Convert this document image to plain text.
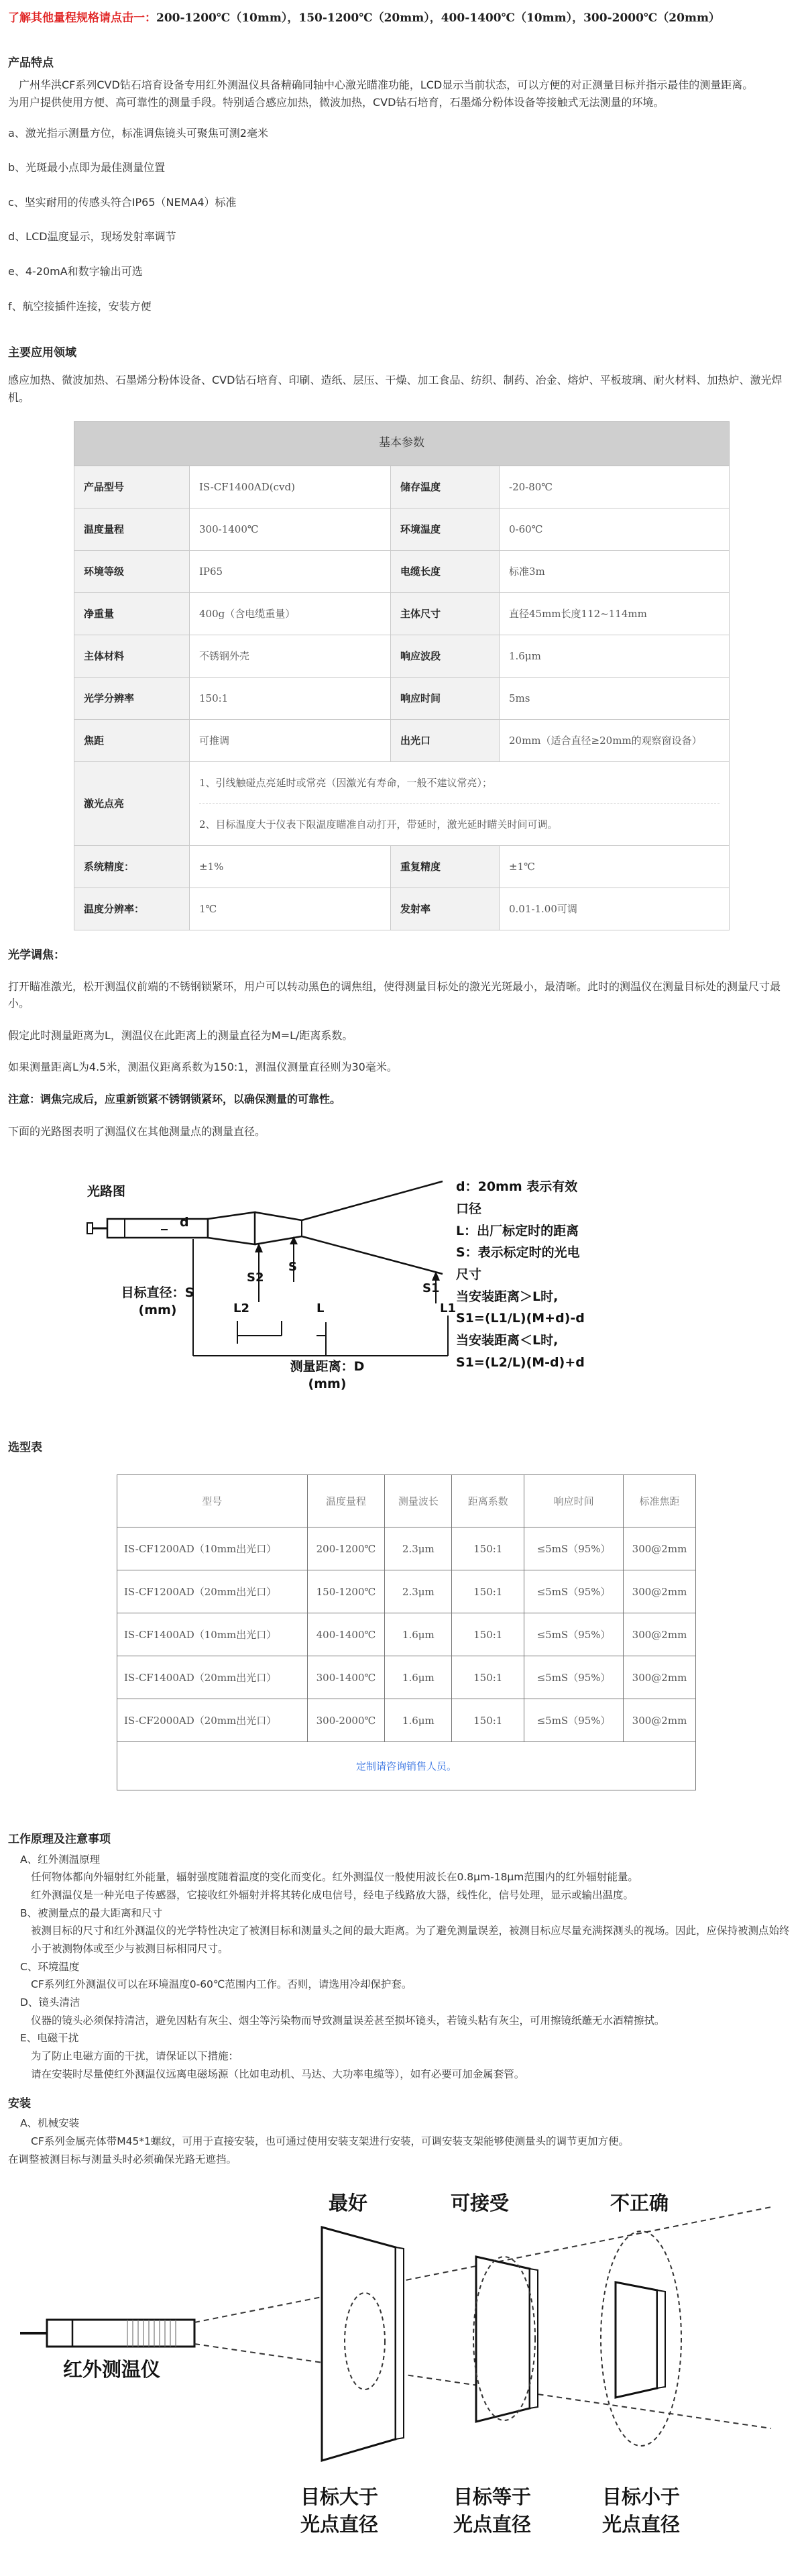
了解其他量程规格请点击一：200-1200℃（10mm），150-1200℃（20mm），400-1400℃（10mm），300-2000℃（20mm）
产品特点

广州华洪CF系列CVD钻石培育设备专用红外测温仪具备精确同轴中心激光瞄准功能，LCD显示当前状态，可以方便的对正测量目标并指示最佳的测量距离。

为用户提供使用方便、高可靠性的测量手段。特别适合感应加热，微波加热，CVD钻石培育，石墨烯分粉体设备等接触式无法测量的环境。

a、激光指示测量方位，标准调焦镜头可聚焦可测2毫米

b、光斑最小点即为最佳测量位置

c、坚实耐用的传感头符合IP65（NEMA4）标准

d、LCD温度显示，现场发射率调节

e、4-20mA和数字输出可选

f、航空接插件连接，安装方便

主要应用领域

感应加热、微波加热、石墨烯分粉体设备、CVD钻石培育、印刷、造纸、层压、干燥、加工食品、纺织、制药、冶金、熔炉、平板玻璃、耐火材料、加热炉、激光焊机。

基本参数			
产品型号	IS-CF1400AD(cvd)	储存温度	-20-80℃
温度量程	300-1400℃	环境温度	0-60℃
环境等级	IP65	电缆长度	标准3m
净重量	400g（含电缆重量）	主体尺寸	直径45mm长度112~114mm
主体材料	不锈钢外壳	响应波段	1.6μm
光学分辨率	150:1	响应时间	5ms
焦距	可推调	出光口	20mm（适合直径≥20mm的观察窗设备）
激光点亮	1、引线触碰点亮延时或常亮（因激光有寿命，一般不建议常亮）；
2、目标温度大于仪表下限温度瞄准自动打开，带延时，激光延时瞄关时间可调。		

系统精度：	±1%	重复精度	±1℃
温度分辨率：	1℃	发射率	0.01-1.00可调
光学调焦：

打开瞄准激光，松开测温仪前端的不锈钢锁紧环，用户可以转动黑色的调焦组，使得测量目标处的激光光斑最小，最清晰。此时的测温仪在测量目标处的测量尺寸最小。

假定此时测量距离为L，测温仪在此距离上的测量直径为M=L/距离系数。

如果测量距离L为4.5米，测温仪距离系数为150:1，测温仪测量直径则为30毫米。

注意：调焦完成后，应重新锁紧不锈钢锁紧环，以确保测量的可靠性。

下面的光路图表明了测温仪在其他测量点的测量直径。

光路图
d
S
S2
S1
L2	L	L1
目标直径：S
(mm)
测量距离：D
(mm)
d：20mm 表示有效口径
L：出厂标定时的距离
S：表示标定时的光电尺寸
当安装距离＞L时,
S1=(L1/L)(M+d)-d
当安装距离＜L时,
S1=(L2/L)(M-d)+d
选型表
型号	温度量程	测量波长	距离系数	响应时间	标准焦距
IS-CF1200AD（10mm出光口）	200-1200℃	2.3μm	150:1	≤5mS（95%）	300@2mm
IS-CF1200AD（20mm出光口）	150-1200℃	2.3μm	150:1	≤5mS（95%）	300@2mm
IS-CF1400AD（10mm出光口）	400-1400℃	1.6μm	150:1	≤5mS（95%）	300@2mm
IS-CF1400AD（20mm出光口）	300-1400℃	1.6μm	150:1	≤5mS（95%）	300@2mm
IS-CF2000AD（20mm出光口）	300-2000℃	1.6μm	150:1	≤5mS（95%）	300@2mm
定制请咨询销售人员。					
工作原理及注意事项

A、红外测温原理

任何物体都向外辐射红外能量，辐射强度随着温度的变化而变化。红外测温仪一般使用波长在0.8μm-18μm范围内的红外辐射能量。

红外测温仪是一种光电子传感器，它接收红外辐射并将其转化成电信号，经电子线路放大器，线性化，信号处理，显示或输出温度。

B、被测量点的最大距离和尺寸

被测目标的尺寸和红外测温仪的光学特性决定了被测目标和测量头之间的最大距离。为了避免测量误差，被测目标应尽量充满探测头的视场。因此，应保持被测点始终小于被测物体或至少与被测目标相同尺寸。

C、环境温度

CF系列红外测温仪可以在环境温度0-60℃范围内工作。否则，请选用冷却保护套。

D、镜头清洁

仪器的镜头必须保持清洁，避免因粘有灰尘、烟尘等污染物而导致测量误差甚至损坏镜头，若镜头粘有灰尘，可用擦镜纸蘸无水酒精擦拭。

E、电磁干扰

为了防止电磁方面的干扰，请保证以下措施：

请在安装时尽量使红外测温仪远离电磁场源（比如电动机、马达、大功率电缆等），如有必要可加金属套管。

安装

A、机械安装

CF系列金属壳体带M45*1螺纹，可用于直接安装，也可通过使用安装支架进行安装，可调安装支架能够使测量头的调节更加方便。

在调整被测目标与测量头时必须确保光路无遮挡。

最好	可接受	不正确
红外测温仪
目标大于
光点直径
目标等于
光点直径
目标小于
光点直径
